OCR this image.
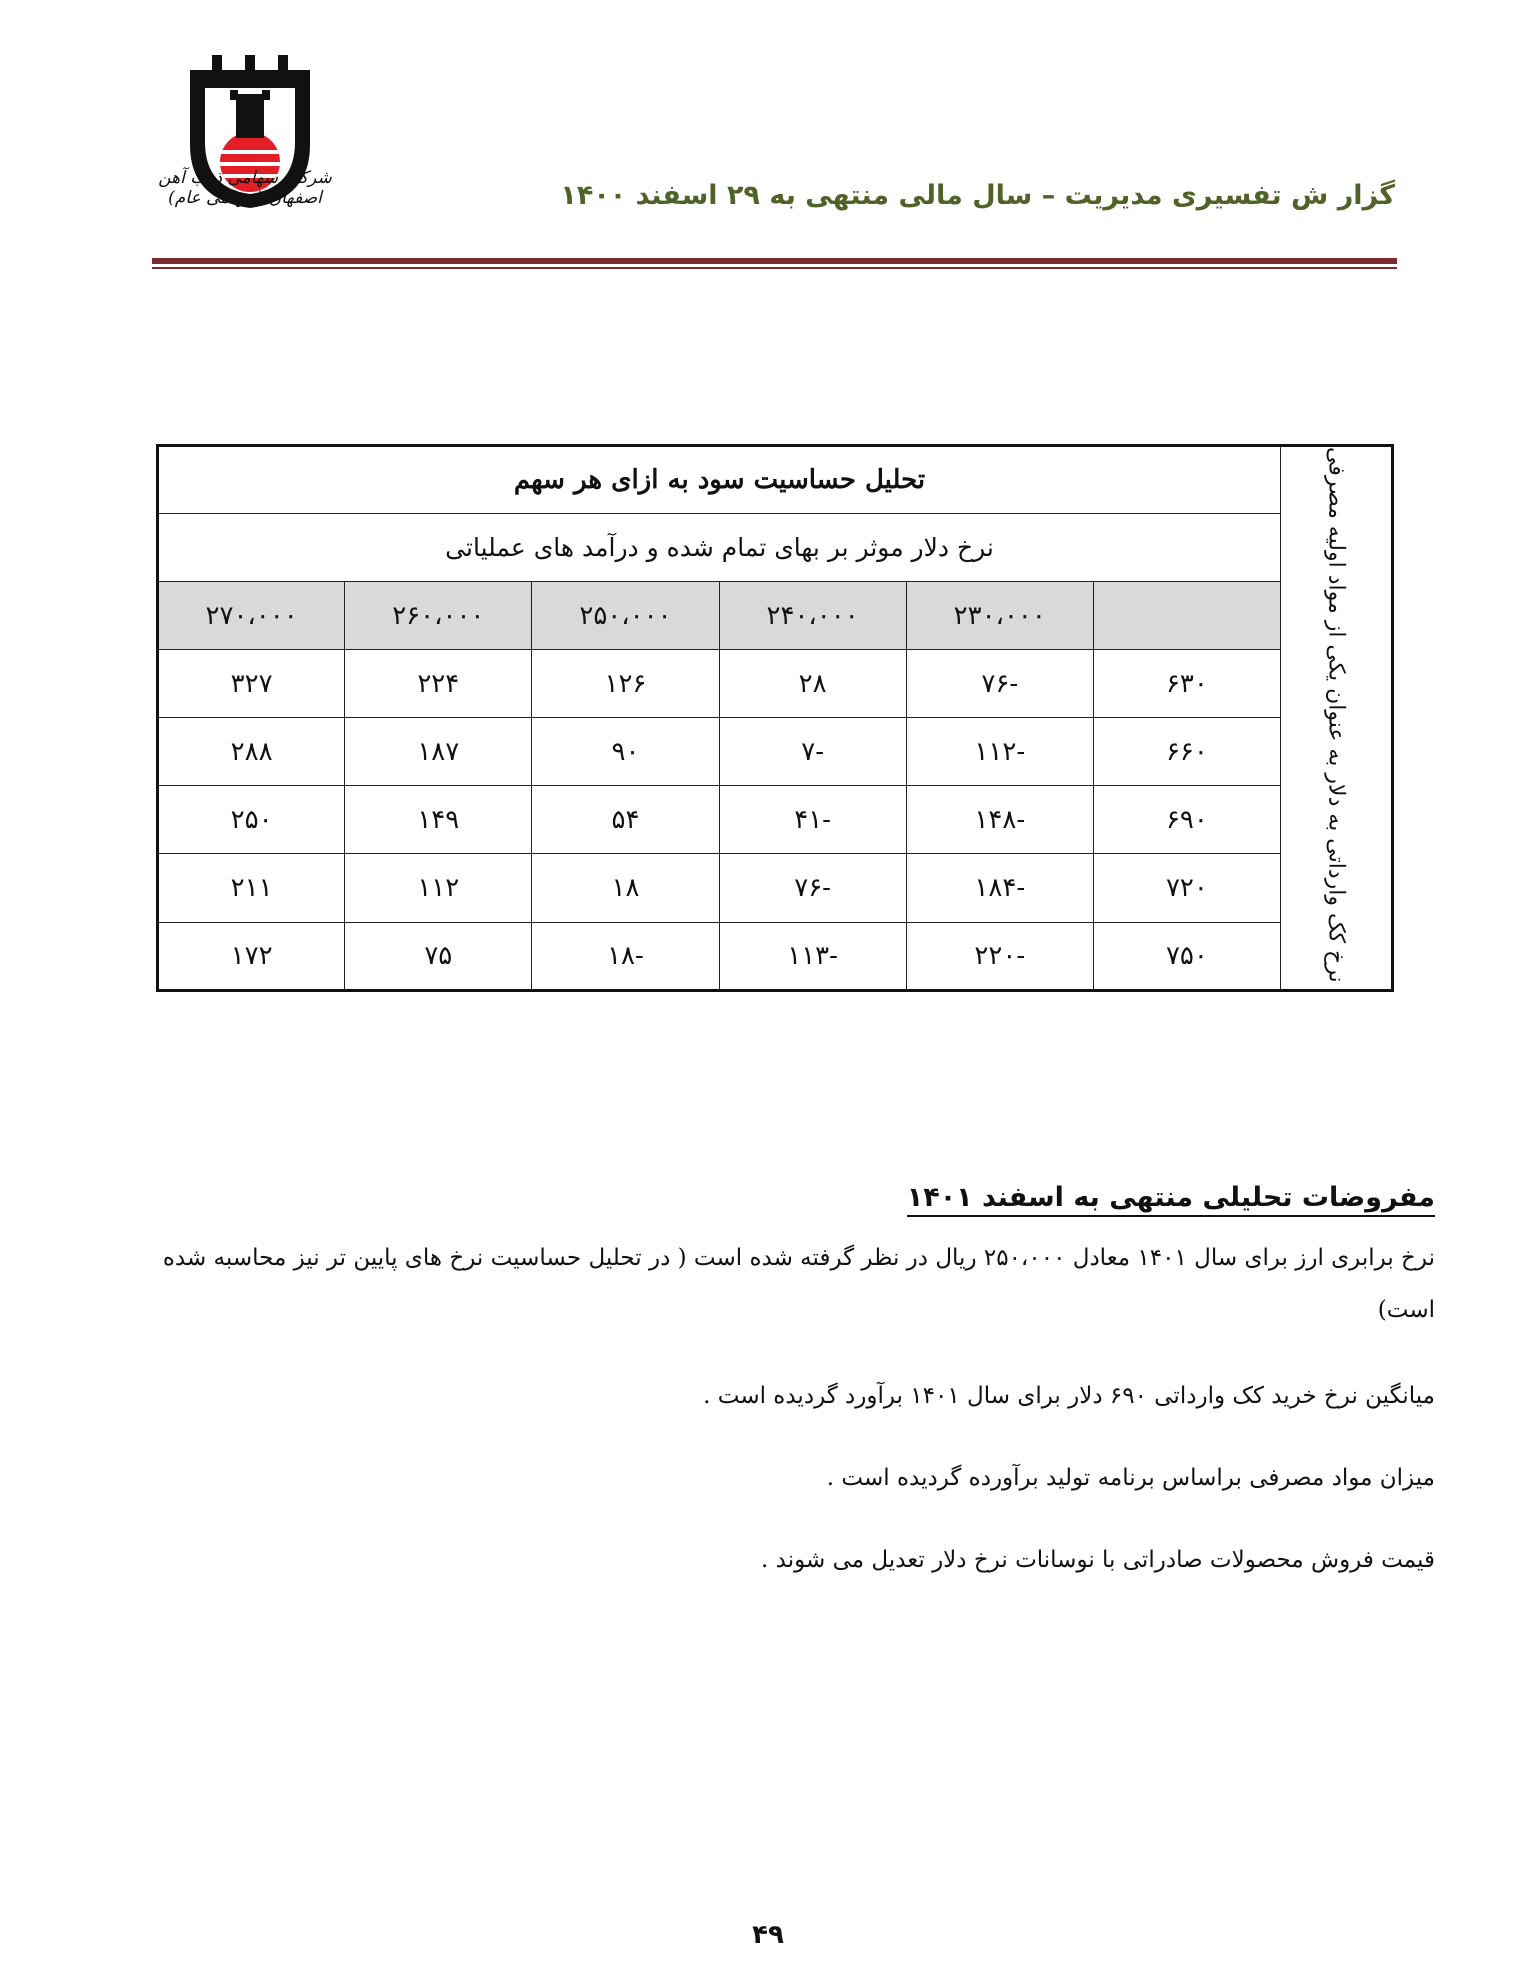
شرکت سهامی ذوب آهن اصفهان (سهامی عام)	گزار ش تفسیری مدیریت – سال مالی منتهی به ۲۹ اسفند ۱۴۰۰
نرخ کک وارداتی به دلار به عنوان یکی از مواد اولیه مصرفی	تحلیل حساسیت سود به ازای هر سهم					
	نرخ دلار موثر بر بهای تمام شده و درآمد های عملیاتی					
		۲۳۰،۰۰۰	۲۴۰،۰۰۰	۲۵۰،۰۰۰	۲۶۰،۰۰۰	۲۷۰،۰۰۰
	۶۳۰	-۷۶	۲۸	۱۲۶	۲۲۴	۳۲۷
	۶۶۰	-۱۱۲	-۷	۹۰	۱۸۷	۲۸۸
	۶۹۰	-۱۴۸	-۴۱	۵۴	۱۴۹	۲۵۰
	۷۲۰	-۱۸۴	-۷۶	۱۸	۱۱۲	۲۱۱
	۷۵۰	-۲۲۰	-۱۱۳	-۱۸	۷۵	۱۷۲
مفروضات تحلیلی منتهی به اسفند ۱۴۰۱
نرخ برابری ارز برای سال ۱۴۰۱ معادل ۲۵۰،۰۰۰ ریال در نظر گرفته شده است ( در تحلیل حساسیت نرخ های پایین تر نیز محاسبه شده است)
میانگین نرخ خرید کک وارداتی ۶۹۰ دلار برای سال ۱۴۰۱ برآورد گردیده است .
میزان مواد مصرفی براساس برنامه تولید برآورده گردیده است .
قیمت فروش محصولات صادراتی با نوسانات نرخ دلار تعدیل می شوند .
۴۹
